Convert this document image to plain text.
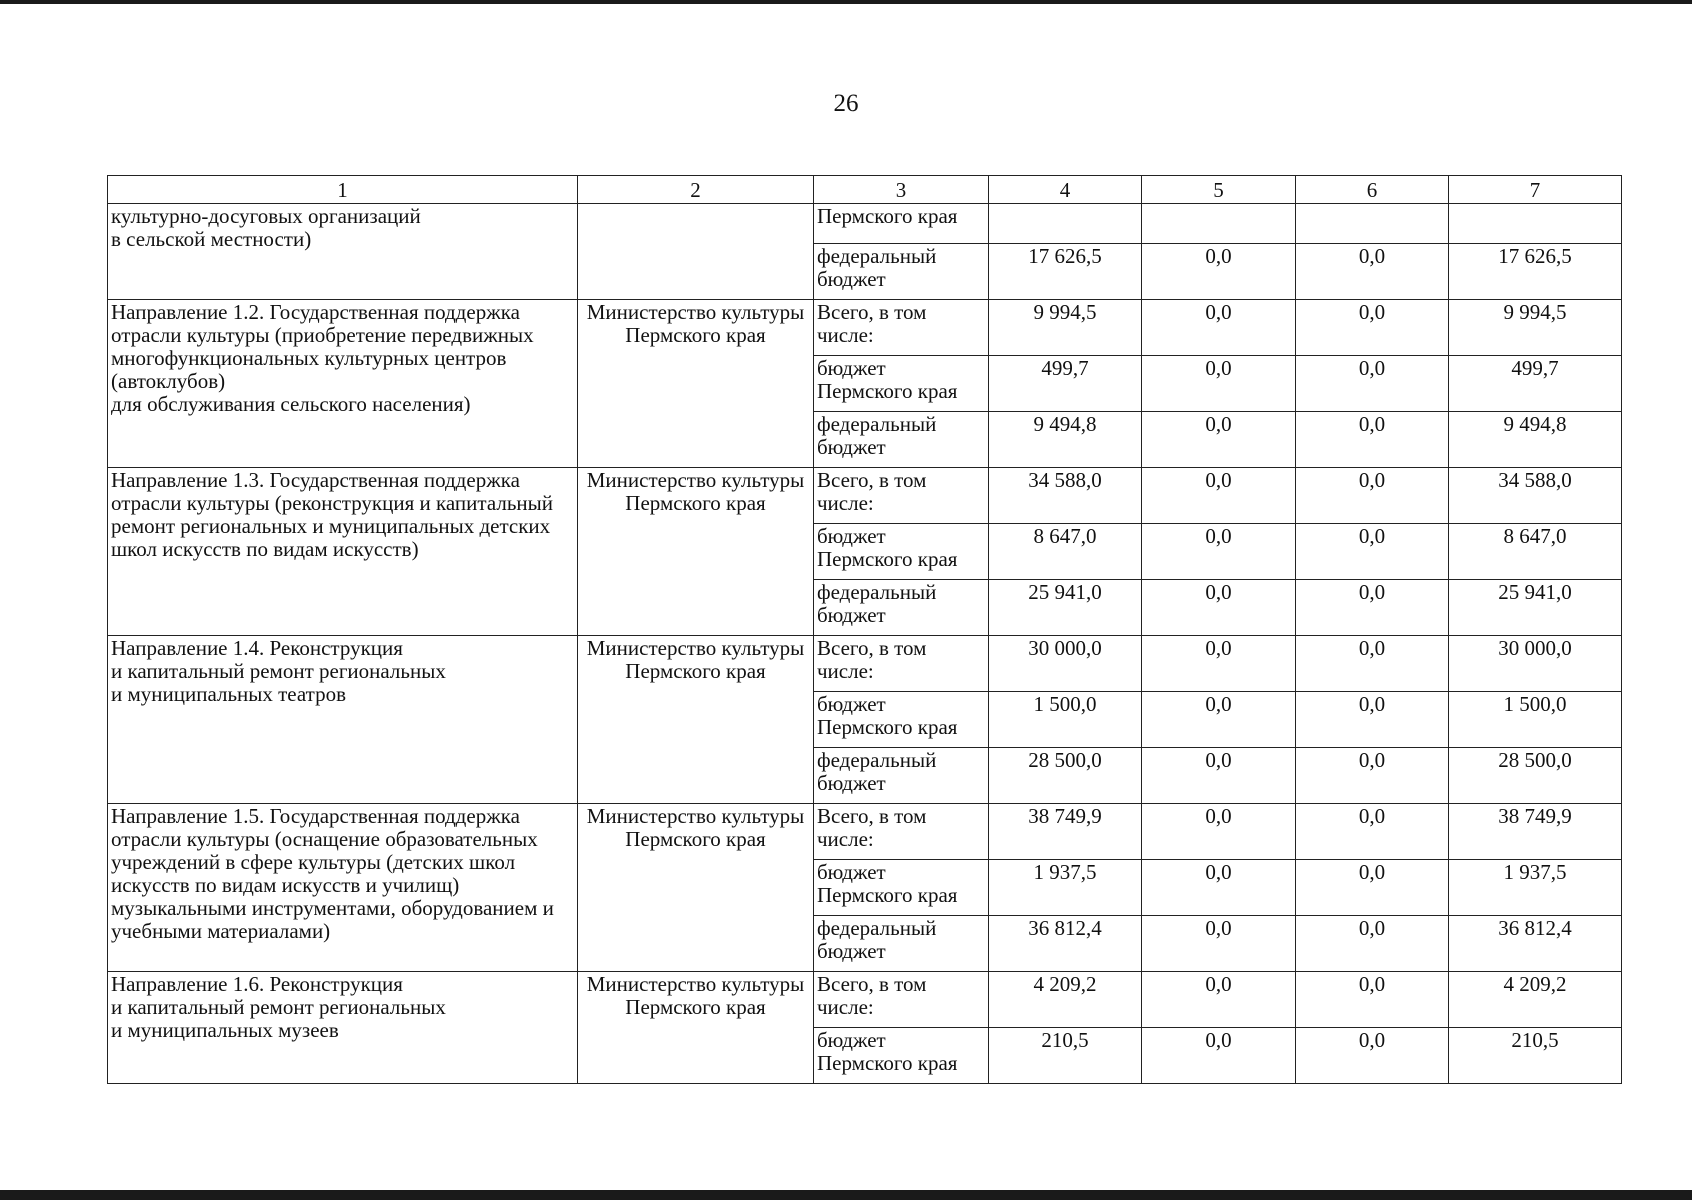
26
1	2	3	4	5	6	7
культурно-досуговых организаций
в сельской местности)		Пермского края				
		федеральный бюджет	17 626,5	0,0	0,0	17 626,5
Направление 1.2. Государственная поддержка отрасли культуры (приобретение передвижных многофункциональных культурных центров (автоклубов)
для обслуживания сельского населения)	Министерство культуры Пермского края	Всего, в том числе:	9 994,5	0,0	0,0	9 994,5
		бюджет Пермского края	499,7	0,0	0,0	499,7
		федеральный бюджет	9 494,8	0,0	0,0	9 494,8
Направление 1.3. Государственная поддержка отрасли культуры (реконструкция и капитальный ремонт региональных и муниципальных детских школ искусств по видам искусств)	Министерство культуры Пермского края	Всего, в том числе:	34 588,0	0,0	0,0	34 588,0
		бюджет Пермского края	8 647,0	0,0	0,0	8 647,0
		федеральный бюджет	25 941,0	0,0	0,0	25 941,0
Направление 1.4. Реконструкция
и капитальный ремонт региональных
и муниципальных театров	Министерство культуры Пермского края	Всего, в том числе:	30 000,0	0,0	0,0	30 000,0
		бюджет Пермского края	1 500,0	0,0	0,0	1 500,0
		федеральный бюджет	28 500,0	0,0	0,0	28 500,0
Направление 1.5. Государственная поддержка отрасли культуры (оснащение образовательных учреждений в сфере культуры (детских школ искусств по видам искусств и училищ) музыкальными инструментами, оборудованием и учебными материалами)	Министерство культуры Пермского края	Всего, в том числе:	38 749,9	0,0	0,0	38 749,9
		бюджет Пермского края	1 937,5	0,0	0,0	1 937,5
		федеральный бюджет	36 812,4	0,0	0,0	36 812,4
Направление 1.6. Реконструкция
и капитальный ремонт региональных
и муниципальных музеев	Министерство культуры Пермского края	Всего, в том числе:	4 209,2	0,0	0,0	4 209,2
		бюджет Пермского края	210,5	0,0	0,0	210,5
